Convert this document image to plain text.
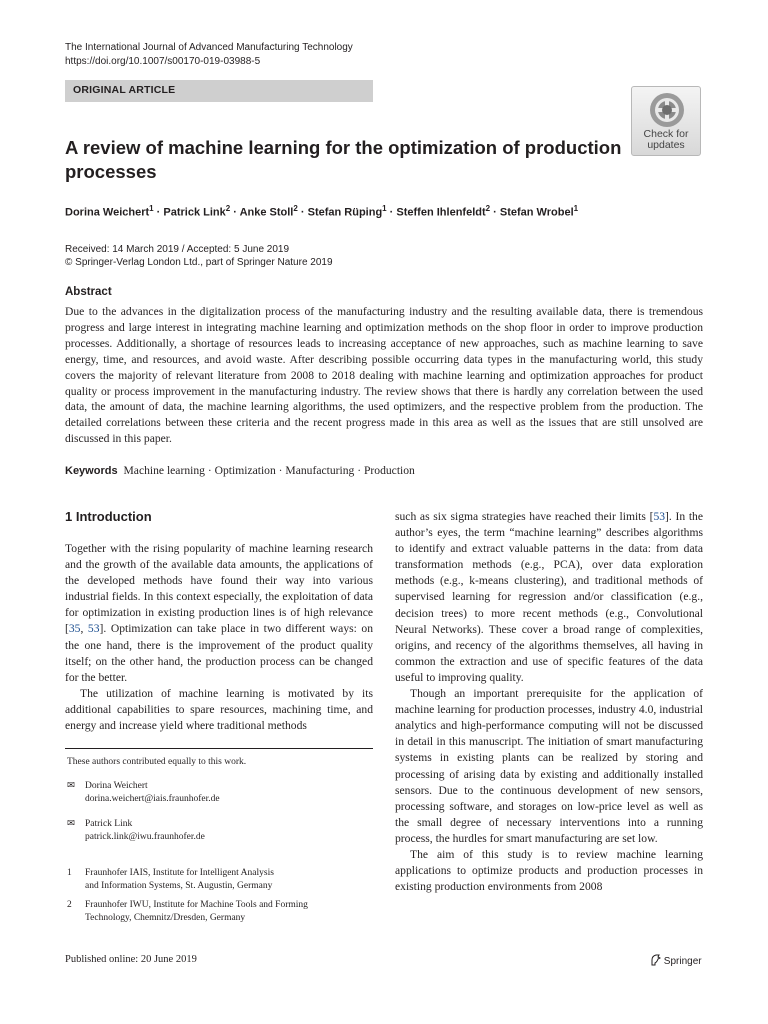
The International Journal of Advanced Manufacturing Technology
https://doi.org/10.1007/s00170-019-03988-5
ORIGINAL ARTICLE
Check for
updates
A review of machine learning for the optimization of production processes
Dorina Weichert$^1$ · Patrick Link$^2$ · Anke Stoll$^2$ · Stefan Rüping$^1$ · Steffen Ihlenfeldt$^2$ · Stefan Wrobel$^1$
Received: 14 March 2019 / Accepted: 5 June 2019
© Springer-Verlag London Ltd., part of Springer Nature 2019
Abstract

Due to the advances in the digitalization process of the manufacturing industry and the resulting available data, there is tremendous progress and large interest in integrating machine learning and optimization methods on the shop floor in order to improve production processes. Additionally, a shortage of resources leads to increasing acceptance of new approaches, such as machine learning to save energy, time, and resources, and avoid waste. After describing possible occurring data types in the manufacturing world, this study covers the majority of relevant literature from 2008 to 2018 dealing with machine learning and optimization approaches for product quality or process improvement in the manufacturing industry. The review shows that there is hardly any correlation between the used data, the amount of data, the machine learning algorithms, the used optimizers, and the respective problem from the production. The detailed correlations between these criteria and the recent progress made in this area as well as the issues that are still unsolved are discussed in this paper.

Keywords Machine learning · Optimization · Manufacturing · Production
1 Introduction

Together with the rising popularity of machine learning research and the growth of the available data amounts, the applications of the developed methods have found their way into various industrial fields. In this context especially, the exploitation of data for optimization in existing production lines is of high relevance [35, 53]. Optimization can take place in two different ways: on the one hand, there is the improvement of the product quality itself; on the other hand, the production process can be changed for the better.

The utilization of machine learning is motivated by its additional capabilities to spare resources, machining time, and energy and increase yield where traditional methods

such as six sigma strategies have reached their limits [53]. In the author’s eyes, the term “machine learning” describes algorithms to identify and extract valuable patterns in the data: from data transformation methods (e.g., PCA), over data exploration methods (e.g., k-means clustering), and traditional methods of supervised learning for regression and/or classification (e.g., decision trees) to more recent methods (e.g., Convolutional Neural Networks). These cover a broad range of complexities, origins, and recency of the algorithms themselves, all having in common the extraction and use of specific features of the data useful to improving quality.

Though an important prerequisite for the application of machine learning for production processes, industry 4.0, industrial analytics and high-performance computing will not be discussed in detail in this manuscript. The initiation of smart manufacturing systems in existing plants can be realized by storing and processing of arising data by existing and additionally installed sensors. Due to the continuous development of new sensors, processing software, and storages on low-price level as well as the small degree of necessary interventions into a running process, the hurdles for smart manufacturing are set low.

The aim of this study is to review machine learning applications to optimize products and production processes in existing production environments from 2008

These authors contributed equally to this work.
✉ Dorina Weichert
dorina.weichert@iais.fraunhofer.de
✉ Patrick Link
patrick.link@iwu.fraunhofer.de
1 Fraunhofer IAIS, Institute for Intelligent Analysis
and Information Systems, St. Augustin, Germany
2 Fraunhofer IWU, Institute for Machine Tools and Forming
Technology, Chemnitz/Dresden, Germany
Published online: 20 June 2019	Springer
